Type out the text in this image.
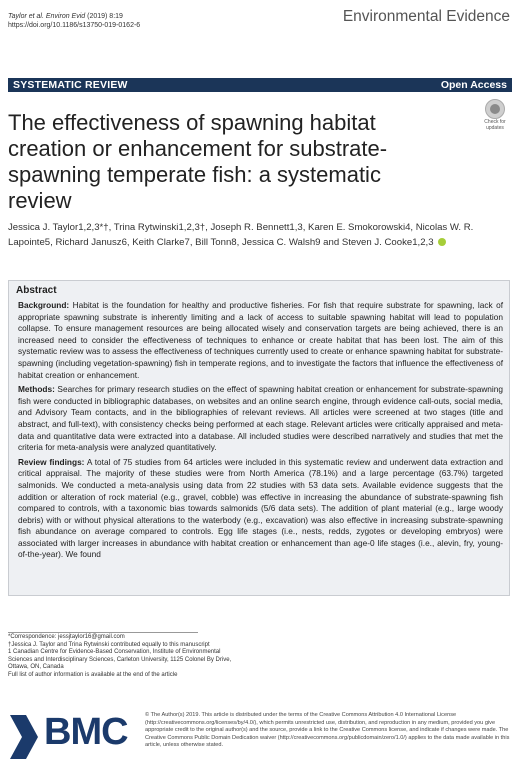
Taylor et al. Environ Evid (2019) 8:19
https://doi.org/10.1186/s13750-019-0162-6
Environmental Evidence
SYSTEMATIC REVIEW	Open Access
Check for
updates
The effectiveness of spawning habitat creation or enhancement for substrate-spawning temperate fish: a systematic review
Jessica J. Taylor1,2,3*†, Trina Rytwinski1,2,3†, Joseph R. Bennett1,3, Karen E. Smokorowski4, Nicolas W. R. Lapointe5, Richard Janusz6, Keith Clarke7, Bill Tonn8, Jessica C. Walsh9 and Steven J. Cooke1,2,3
Abstract

Background: Habitat is the foundation for healthy and productive fisheries. For fish that require substrate for spawning, lack of appropriate spawning substrate is inherently limiting and a lack of access to suitable spawning habitat will lead to population collapse. To ensure management resources are being allocated wisely and conservation targets are being achieved, there is an increased need to consider the effectiveness of techniques to enhance or create habitat that has been lost. The aim of this systematic review was to assess the effectiveness of techniques currently used to create or enhance spawning habitat for substrate-spawning (including vegetation-spawning) fish in temperate regions, and to investigate the factors that influence the effectiveness of habitat creation or enhancement.

Methods: Searches for primary research studies on the effect of spawning habitat creation or enhancement for substrate-spawning fish were conducted in bibliographic databases, on websites and an online search engine, through evidence call-outs, social media, and Advisory Team contacts, and in the bibliographies of relevant reviews. All articles were screened at two stages (title and abstract, and full-text), with consistency checks being performed at each stage. Relevant articles were critically appraised and meta-data and quantitative data were extracted into a database. All included studies were described narratively and studies that met the criteria for meta-analysis were analyzed quantitatively.

Review findings: A total of 75 studies from 64 articles were included in this systematic review and underwent data extraction and critical appraisal. The majority of these studies were from North America (78.1%) and a large percentage (63.7%) targeted salmonids. We conducted a meta-analysis using data from 22 studies with 53 data sets. Available evidence suggests that the addition or alteration of rock material (e.g., gravel, cobble) was effective in increasing the abundance of substrate-spawning fish compared to controls, with a taxonomic bias towards salmonids (5/6 data sets). The addition of plant material (e.g., large woody debris) with or without physical alterations to the waterbody (e.g., excavation) was also effective in increasing substrate-spawning fish abundance on average compared to controls. Egg life stages (i.e., nests, redds, zygotes or developing embryos) were associated with larger increases in abundance with habitat creation or enhancement than age-0 life stages (i.e., alevin, fry, young-of-the-year). We found

*Correspondence: jessjtaylor16@gmail.com
†Jessica J. Taylor and Trina Rytwinski contributed equally to this manuscript
1 Canadian Centre for Evidence-Based Conservation, Institute of Environmental Sciences and Interdisciplinary Sciences, Carleton University, 1125 Colonel By Drive, Ottawa, ON, Canada
Full list of author information is available at the end of the article
BMC	© The Author(s) 2019. This article is distributed under the terms of the Creative Commons Attribution 4.0 International License (http://creativecommons.org/licenses/by/4.0/), which permits unrestricted use, distribution, and reproduction in any medium, provided you give appropriate credit to the original author(s) and the source, provide a link to the Creative Commons license, and indicate if changes were made. The Creative Commons Public Domain Dedication waiver (http://creativecommons.org/publicdomain/zero/1.0/) applies to the data made available in this article, unless otherwise stated.
